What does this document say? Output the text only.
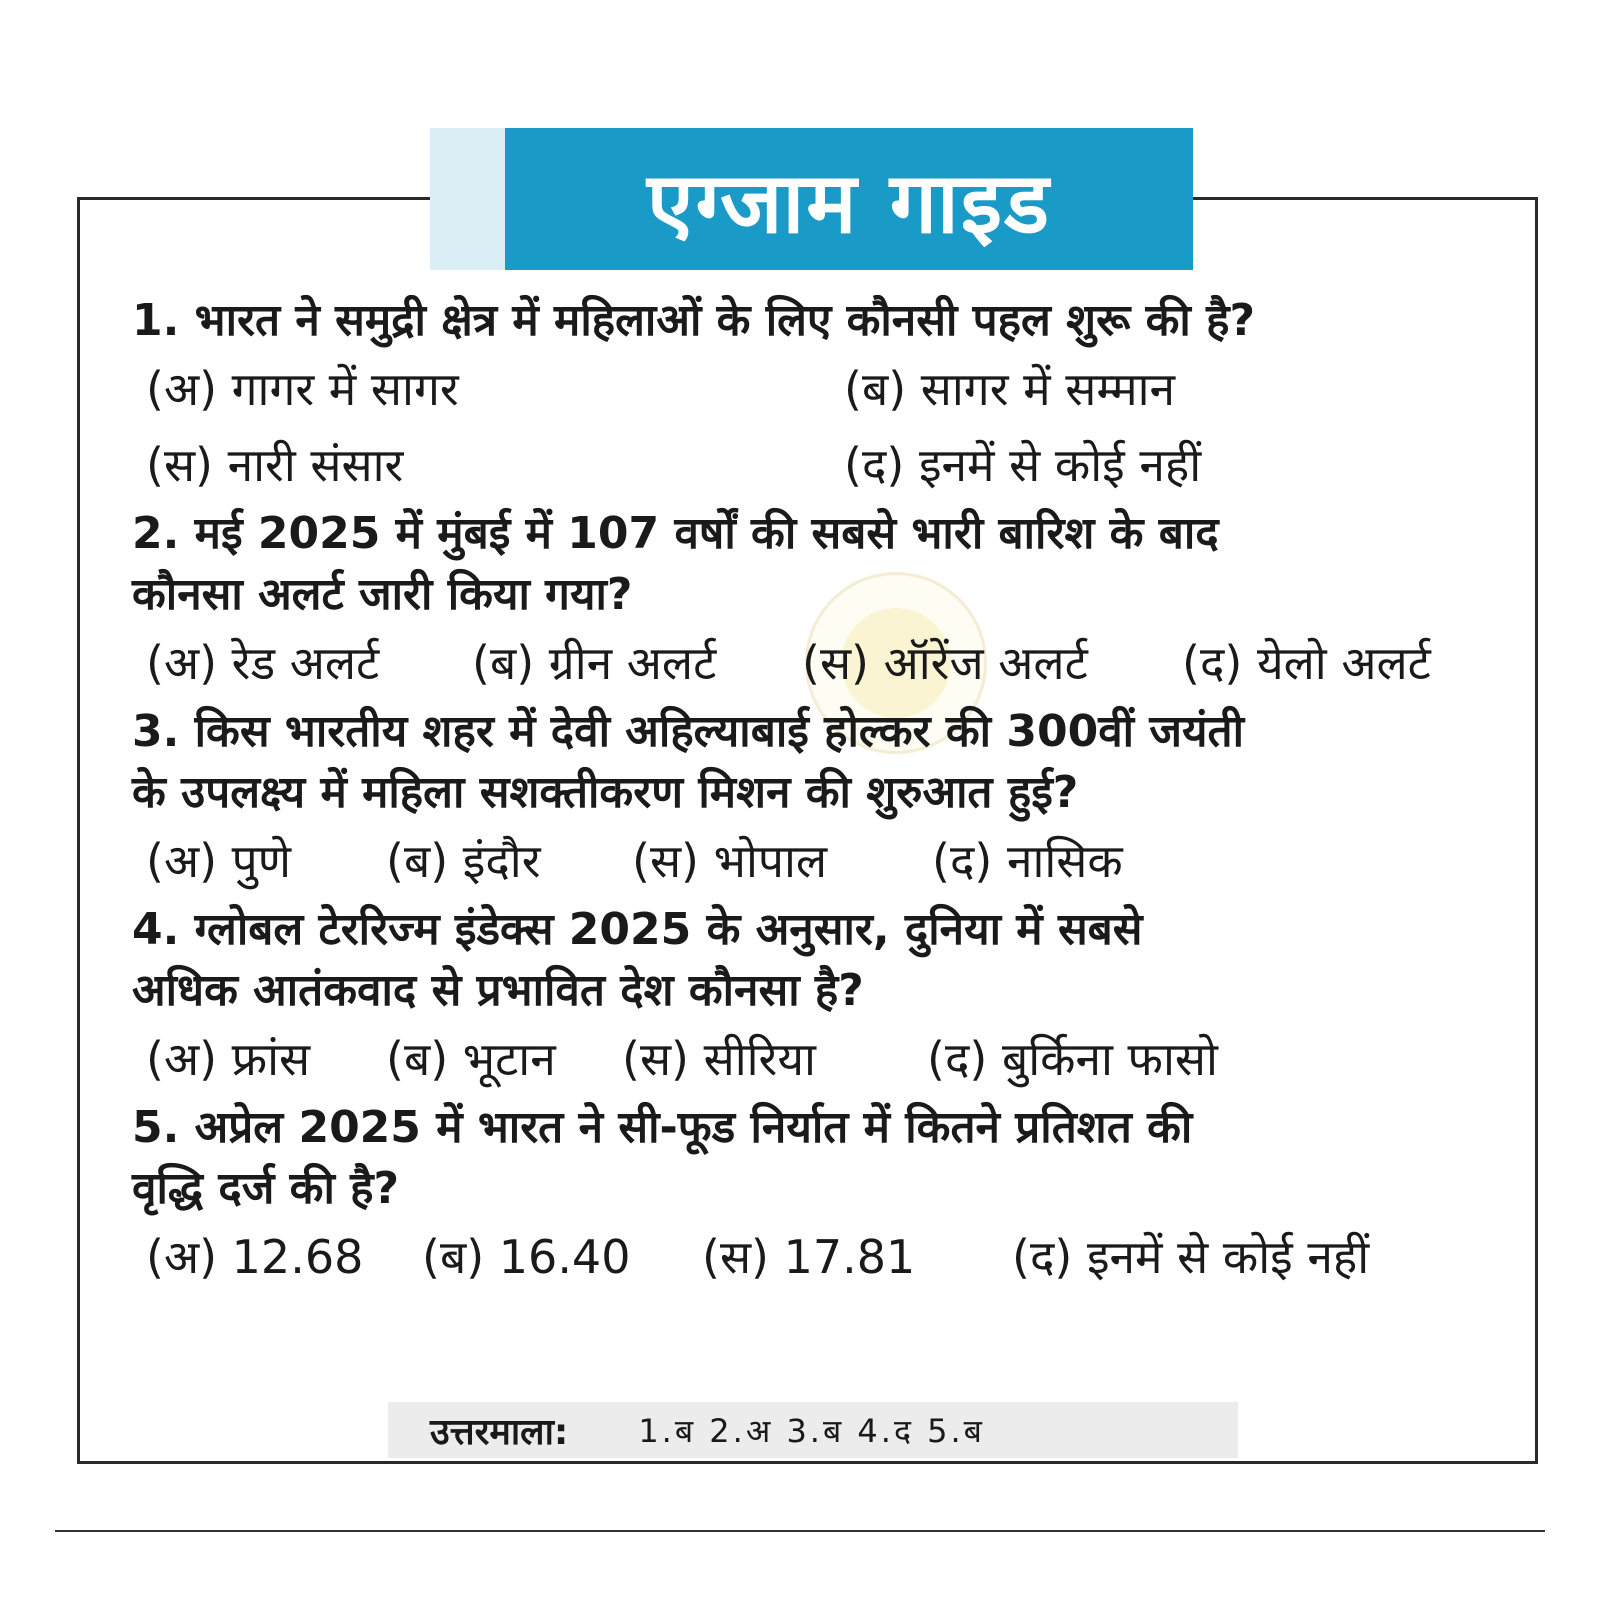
एग्जाम गाइड

1. भारत ने समुद्री क्षेत्र में महिलाओं के लिए कौनसी पहल शुरू की है?

(अ) गागर में सागर	(ब) सागर में सम्मान
(स) नारी संसार	(द) इनमें से कोई नहीं

2. मई 2025 में मुंबई में 107 वर्षों की सबसे भारी बारिश के बाद

कौनसा अलर्ट जारी किया गया?

(अ) रेड अलर्ट (ब) ग्रीन अलर्ट (स) ऑरेंज अलर्ट (द) येलो अलर्ट

3. किस भारतीय शहर में देवी अहिल्याबाई होल्कर की 300वीं जयंती

के उपलक्ष्य में महिला सशक्तीकरण मिशन की शुरुआत हुई?

(अ) पुणे (ब) इंदौर (स) भोपाल (द) नासिक

4. ग्लोबल टेररिज्म इंडेक्स 2025 के अनुसार, दुनिया में सबसे

अधिक आतंकवाद से प्रभावित देश कौनसा है?

(अ) फ्रांस (ब) भूटान (स) सीरिया (द) बुर्किना फासो

5. अप्रेल 2025 में भारत ने सी-फूड निर्यात में कितने प्रतिशत की

वृद्धि दर्ज की है?

(अ) 12.68 (ब) 16.40 (स) 17.81 (द) इनमें से कोई नहीं
उत्तरमाला: 1.ब 2.अ 3.ब 4.द 5.ब
